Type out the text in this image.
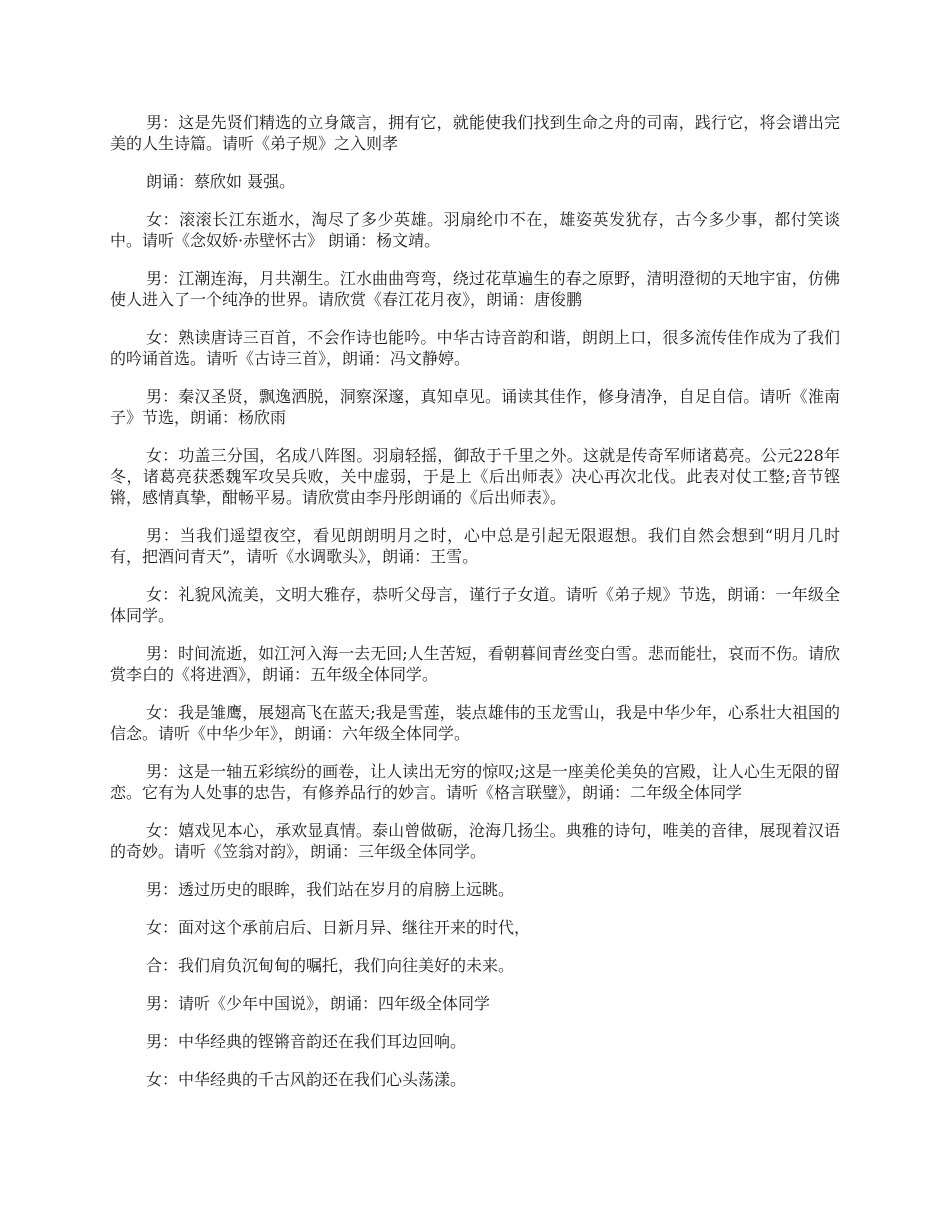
男：这是先贤们精选的立身箴言，拥有它，就能使我们找到生命之舟的司南，践行它，将会谱出完美的人生诗篇。请听《弟子规》之入则孝

朗诵：蔡欣如 聂强。

女：滚滚长江东逝水，淘尽了多少英雄。羽扇纶巾不在，雄姿英发犹存，古今多少事，都付笑谈中。请听《念奴娇·赤壁怀古》 朗诵：杨文靖。

男：江潮连海，月共潮生。江水曲曲弯弯，绕过花草遍生的春之原野，清明澄彻的天地宇宙，仿佛使人进入了一个纯净的世界。请欣赏《春江花月夜》，朗诵：唐俊鹏

女：熟读唐诗三百首，不会作诗也能吟。中华古诗音韵和谐，朗朗上口，很多流传佳作成为了我们的吟诵首选。请听《古诗三首》，朗诵：冯文静婷。

男：秦汉圣贤，飘逸洒脱，洞察深邃，真知卓见。诵读其佳作，修身清净，自足自信。请听《淮南子》节选，朗诵：杨欣雨

女：功盖三分国，名成八阵图。羽扇轻摇，御敌于千里之外。这就是传奇军师诸葛亮。公元228年冬，诸葛亮获悉魏军攻吴兵败，关中虚弱，于是上《后出师表》决心再次北伐。此表对仗工整;音节铿锵，感情真挚，酣畅平易。请欣赏由李丹彤朗诵的《后出师表》。

男：当我们遥望夜空，看见朗朗明月之时，心中总是引起无限遐想。我们自然会想到“明月几时有，把酒问青天”，请听《水调歌头》，朗诵：王雪。

女：礼貌风流美，文明大雅存，恭听父母言，谨行子女道。请听《弟子规》节选，朗诵：一年级全体同学。

男：时间流逝，如江河入海一去无回;人生苦短，看朝暮间青丝变白雪。悲而能壮，哀而不伤。请欣赏李白的《将进酒》，朗诵：五年级全体同学。

女：我是雏鹰，展翅高飞在蓝天;我是雪莲，装点雄伟的玉龙雪山，我是中华少年，心系壮大祖国的信念。请听《中华少年》，朗诵：六年级全体同学。

男：这是一轴五彩缤纷的画卷，让人读出无穷的惊叹;这是一座美伦美奂的宫殿，让人心生无限的留恋。它有为人处事的忠告，有修养品行的妙言。请听《格言联璧》，朗诵：二年级全体同学

女：嬉戏见本心，承欢显真情。泰山曾做砺，沧海几扬尘。典雅的诗句，唯美的音律，展现着汉语的奇妙。请听《笠翁对韵》，朗诵：三年级全体同学。

男：透过历史的眼眸，我们站在岁月的肩膀上远眺。

女：面对这个承前启后、日新月异、继往开来的时代，

合：我们肩负沉甸甸的嘱托，我们向往美好的未来。

男：请听《少年中国说》，朗诵：四年级全体同学

男：中华经典的铿锵音韵还在我们耳边回响。

女：中华经典的千古风韵还在我们心头荡漾。
